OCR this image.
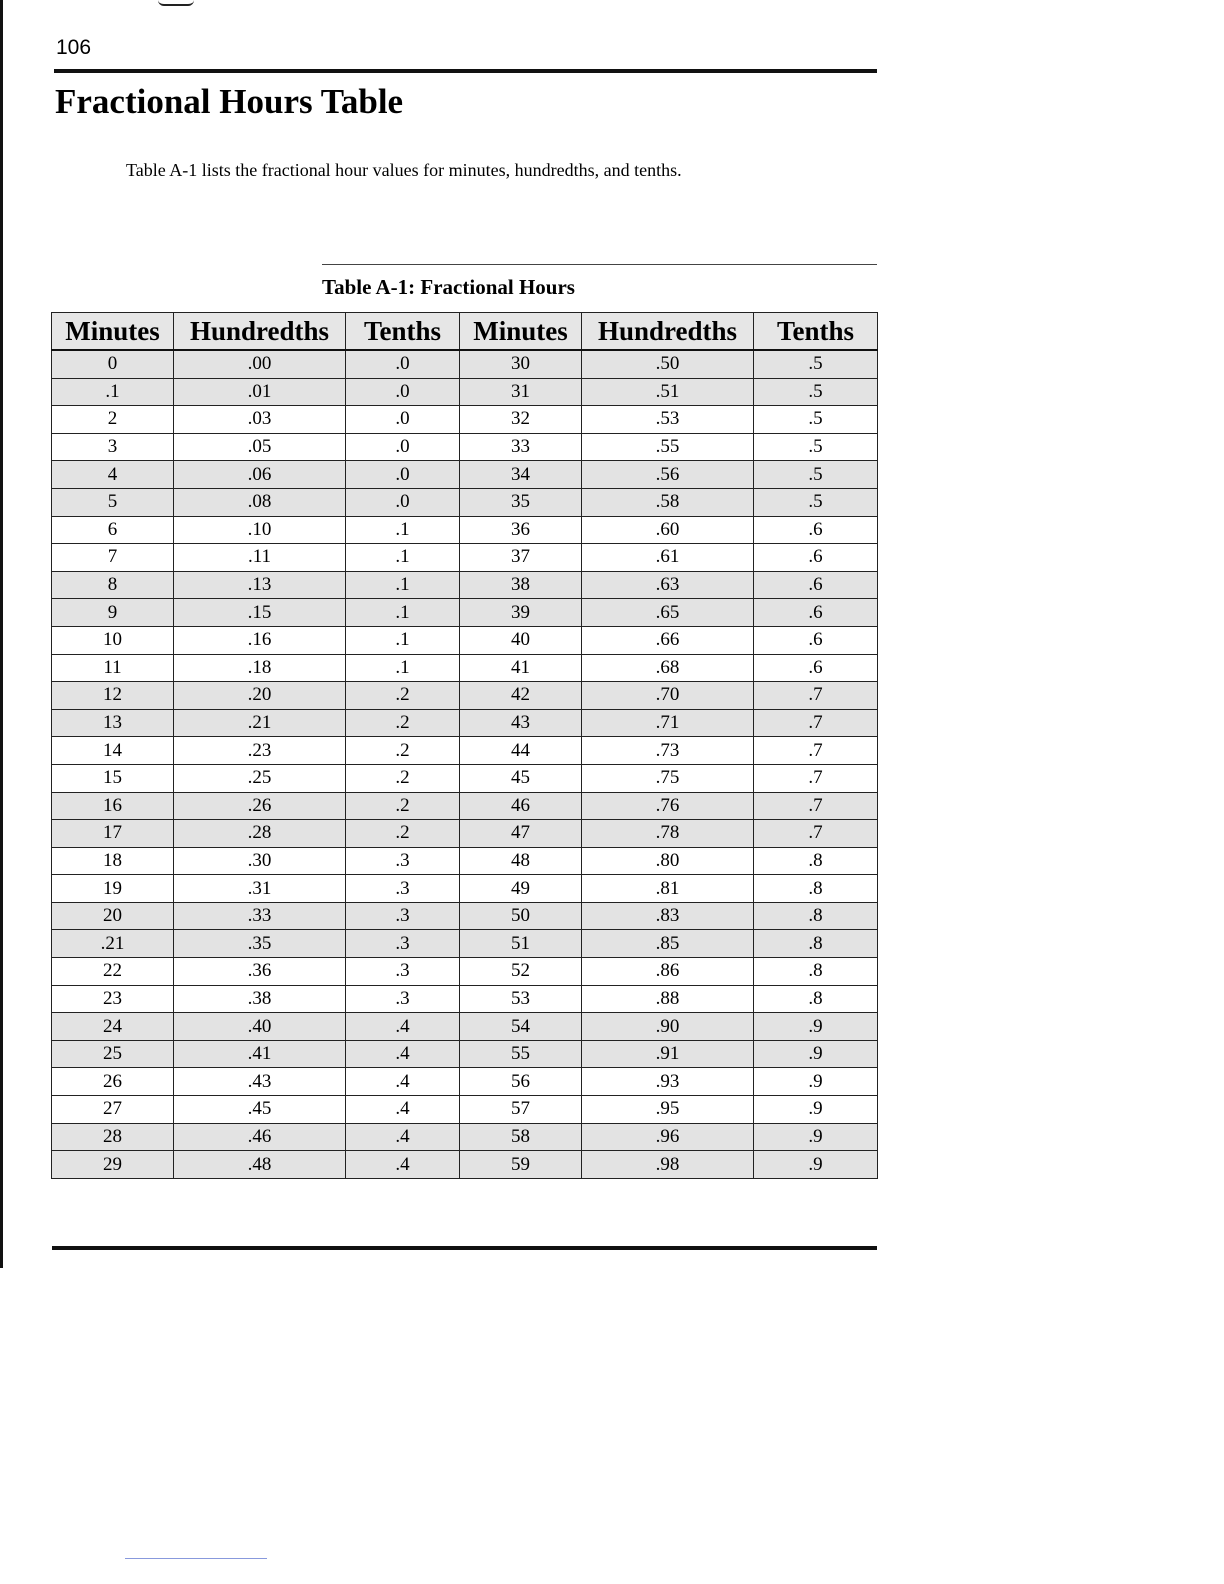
106
Fractional Hours Table
Table A-1 lists the fractional hour values for minutes, hundredths, and tenths.
Table A-1: Fractional Hours
Minutes	Hundredths	Tenths	Minutes	Hundredths	Tenths
0	.00	.0	30	.50	.5
.1	.01	.0	31	.51	.5
2	.03	.0	32	.53	.5
3	.05	.0	33	.55	.5
4	.06	.0	34	.56	.5
5	.08	.0	35	.58	.5
6	.10	.1	36	.60	.6
7	.11	.1	37	.61	.6
8	.13	.1	38	.63	.6
9	.15	.1	39	.65	.6
10	.16	.1	40	.66	.6
11	.18	.1	41	.68	.6
12	.20	.2	42	.70	.7
13	.21	.2	43	.71	.7
14	.23	.2	44	.73	.7
15	.25	.2	45	.75	.7
16	.26	.2	46	.76	.7
17	.28	.2	47	.78	.7
18	.30	.3	48	.80	.8
19	.31	.3	49	.81	.8
20	.33	.3	50	.83	.8
.21	.35	.3	51	.85	.8
22	.36	.3	52	.86	.8
23	.38	.3	53	.88	.8
24	.40	.4	54	.90	.9
25	.41	.4	55	.91	.9
26	.43	.4	56	.93	.9
27	.45	.4	57	.95	.9
28	.46	.4	58	.96	.9
29	.48	.4	59	.98	.9
